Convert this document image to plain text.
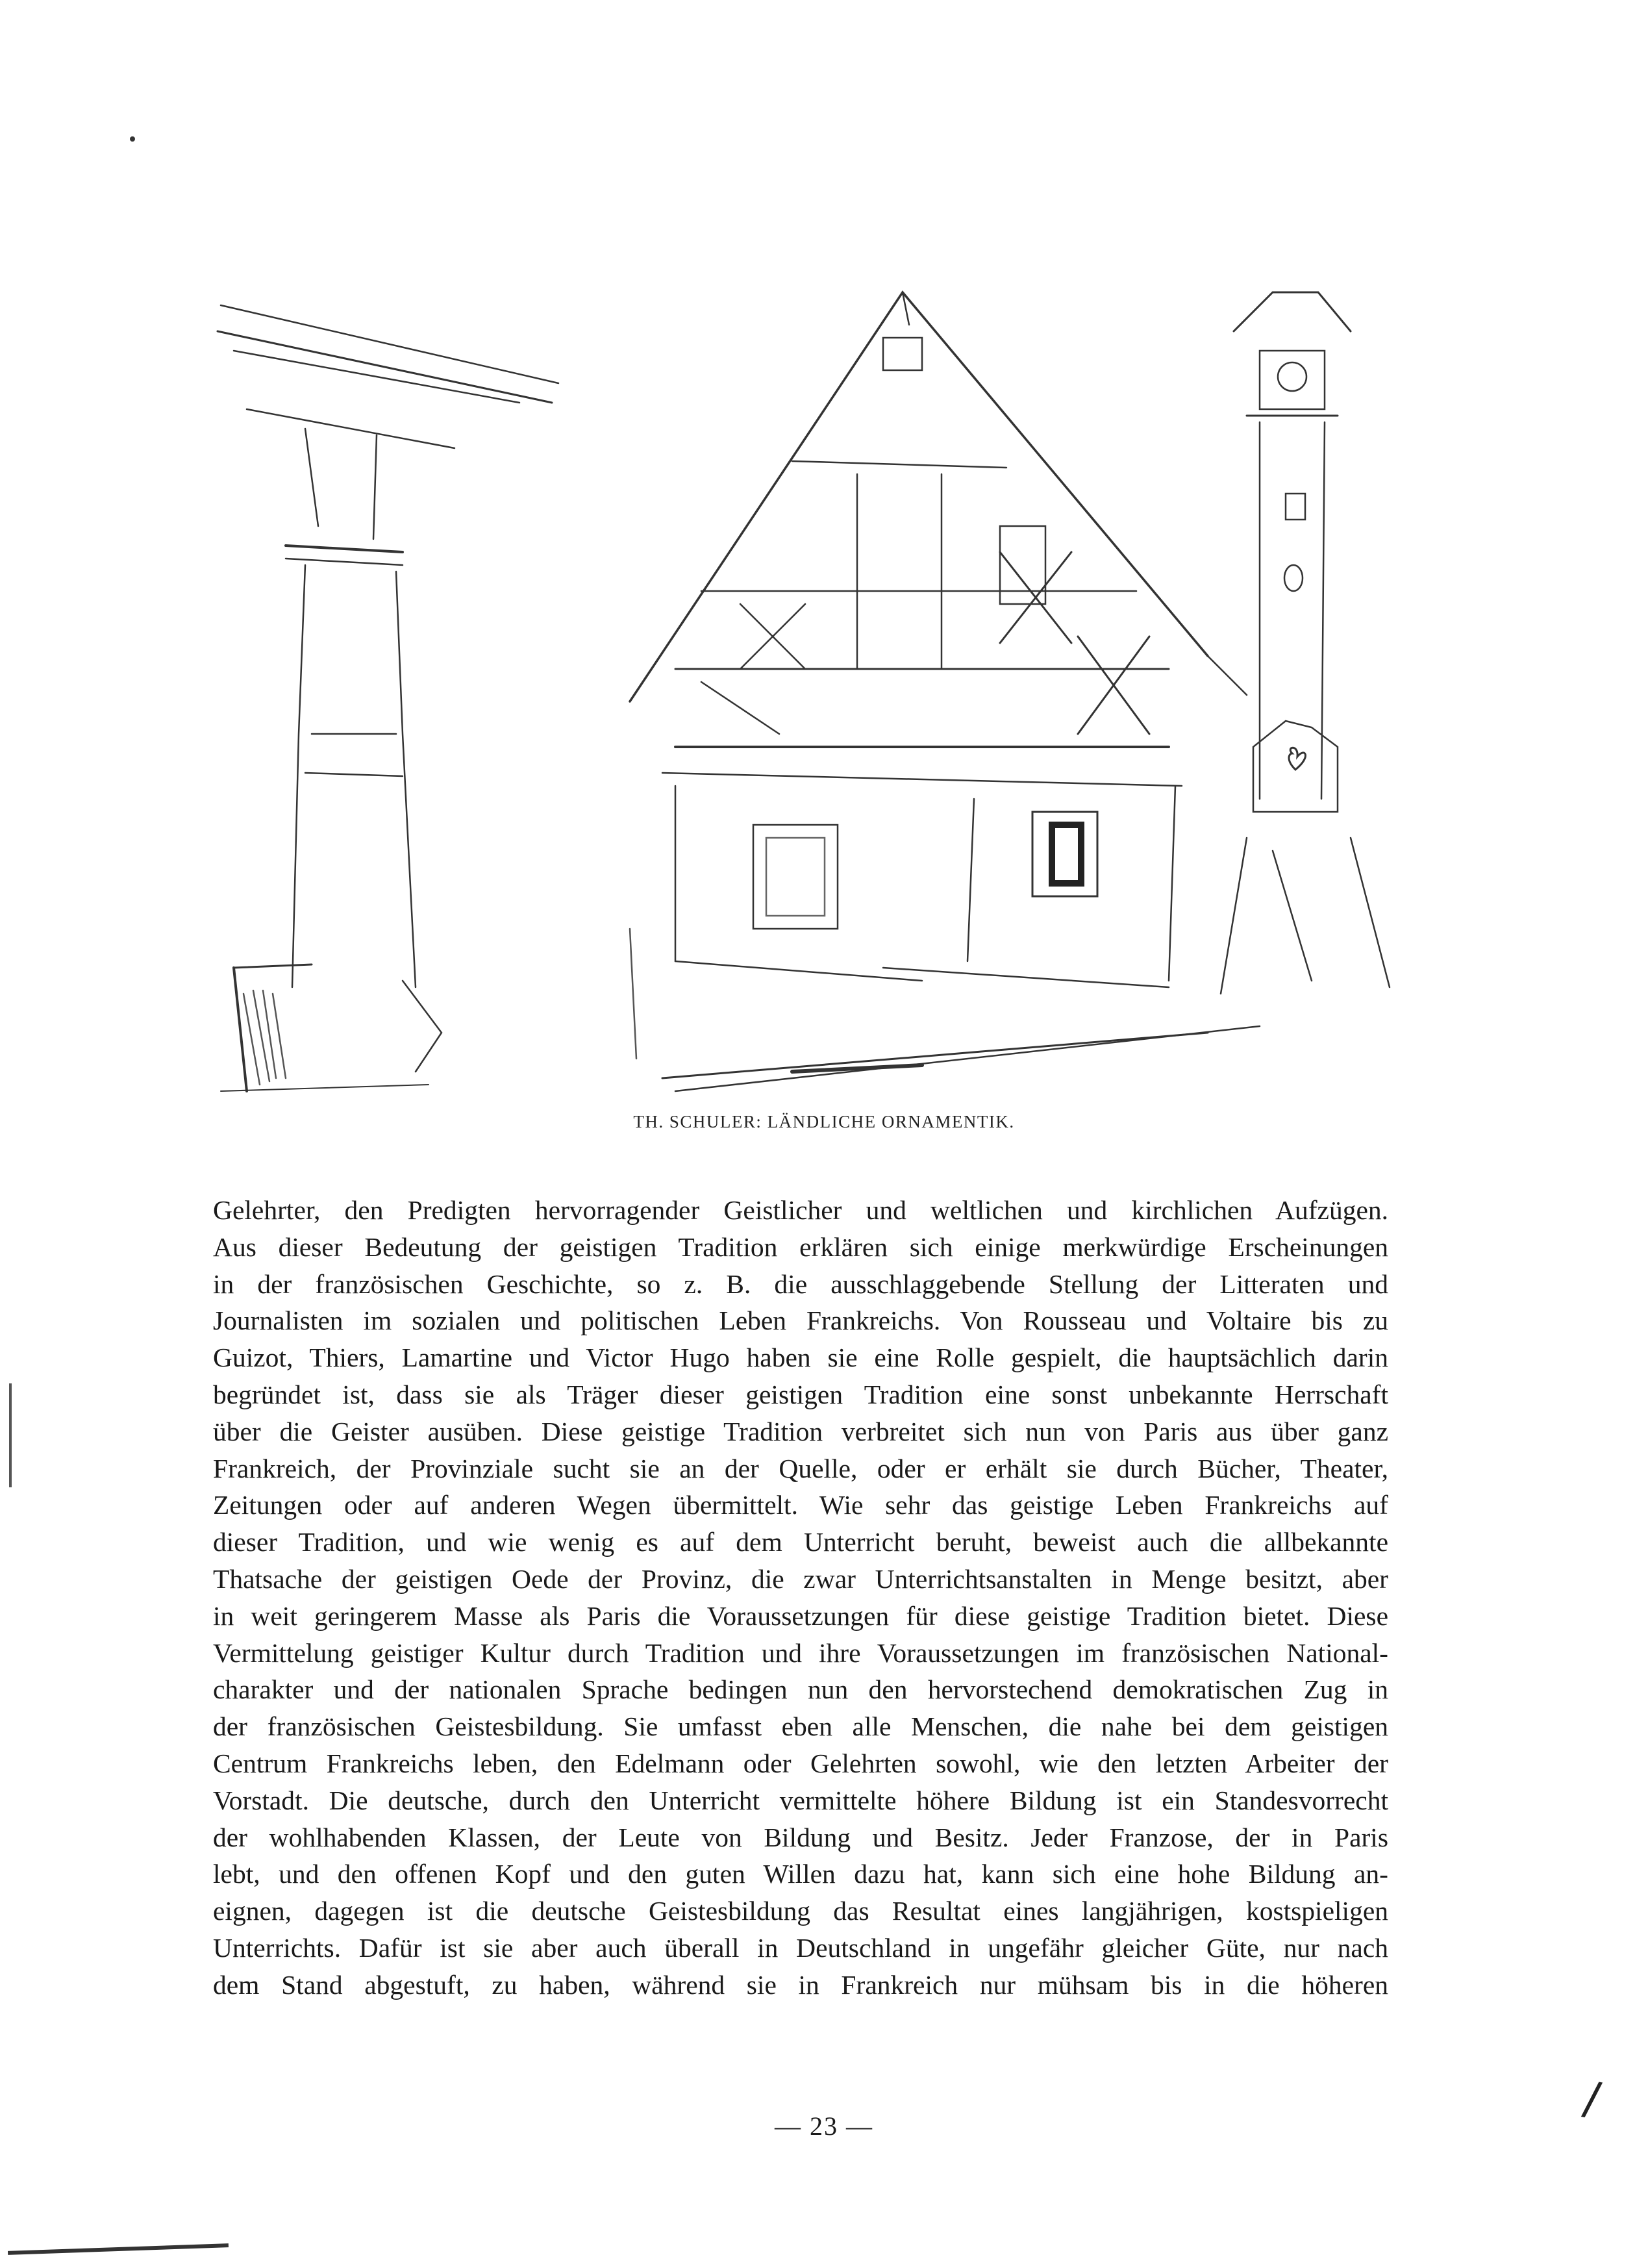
TH. SCHULER: LÄNDLICHE ORNAMENTIK.
Gelehrter, den Predigten hervorragender Geistlicher und weltlichen und kirchlichen Aufzügen.
Aus dieser Bedeutung der geistigen Tradition erklären sich einige merkwürdige Erscheinungen
in der französischen Geschichte, so z. B. die ausschlaggebende Stellung der Litteraten und
Journalisten im sozialen und politischen Leben Frankreichs. Von Rousseau und Voltaire bis zu
Guizot, Thiers, Lamartine und Victor Hugo haben sie eine Rolle gespielt, die hauptsächlich darin
begründet ist, dass sie als Träger dieser geistigen Tradition eine sonst unbekannte Herrschaft
über die Geister ausüben. Diese geistige Tradition verbreitet sich nun von Paris aus über ganz
Frankreich, der Provinziale sucht sie an der Quelle, oder er erhält sie durch Bücher, Theater,
Zeitungen oder auf anderen Wegen übermittelt. Wie sehr das geistige Leben Frankreichs auf
dieser Tradition, und wie wenig es auf dem Unterricht beruht, beweist auch die allbekannte
Thatsache der geistigen Oede der Provinz, die zwar Unterrichtsanstalten in Menge besitzt, aber
in weit geringerem Masse als Paris die Voraussetzungen für diese geistige Tradition bietet. Diese
Vermittelung geistiger Kultur durch Tradition und ihre Voraussetzungen im französischen National-
charakter und der nationalen Sprache bedingen nun den hervorstechend demokratischen Zug in
der französischen Geistesbildung. Sie umfasst eben alle Menschen, die nahe bei dem geistigen
Centrum Frankreichs leben, den Edelmann oder Gelehrten sowohl, wie den letzten Arbeiter der
Vorstadt. Die deutsche, durch den Unterricht vermittelte höhere Bildung ist ein Standesvorrecht
der wohlhabenden Klassen, der Leute von Bildung und Besitz. Jeder Franzose, der in Paris
lebt, und den offenen Kopf und den guten Willen dazu hat, kann sich eine hohe Bildung an-
eignen, dagegen ist die deutsche Geistesbildung das Resultat eines langjährigen, kostspieligen
Unterrichts. Dafür ist sie aber auch überall in Deutschland in ungefähr gleicher Güte, nur nach
dem Stand abgestuft, zu haben, während sie in Frankreich nur mühsam bis in die höheren
— 23 —
/
